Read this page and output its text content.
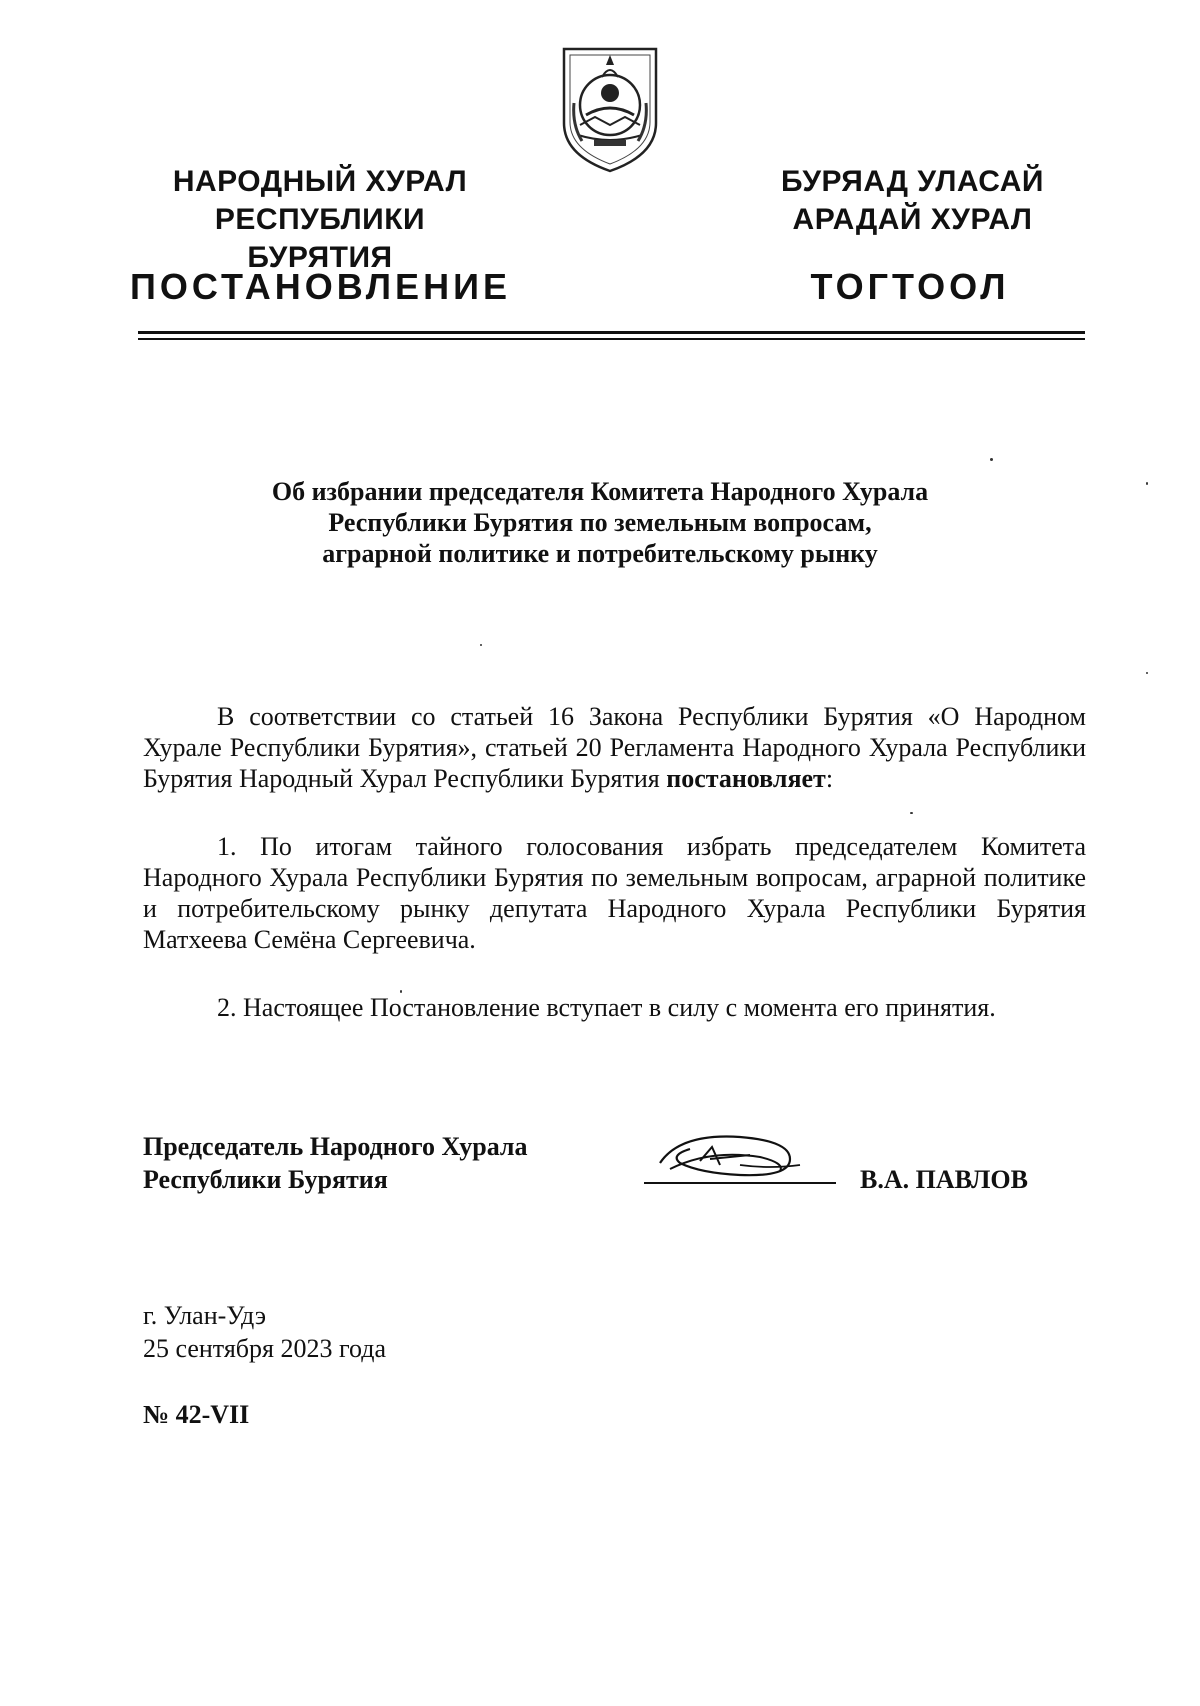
НАРОДНЫЙ ХУРАЛ
РЕСПУБЛИКИ БУРЯТИЯ
БУРЯАД УЛАСАЙ
АРАДАЙ ХУРАЛ
ПОСТАНОВЛЕНИЕ	ТОГТООЛ
Об избрании председателя Комитета Народного Хурала
Республики Бурятия по земельным вопросам,
аграрной политике и потребительскому рынку
В соответствии со статьей 16 Закона Республики Бурятия «О Народном Хурале Республики Бурятия», статьей 20 Регламента Народного Хурала Республики Бурятия Народный Хурал Республики Бурятия постановляет:
1. По итогам тайного голосования избрать председателем Комитета Народного Хурала Республики Бурятия по земельным вопросам, аграрной политике и потребительскому рынку депутата Народного Хурала Республики Бурятия Матхеева Семёна Сергеевича.
2. Настоящее Постановление вступает в силу с момента его принятия.
Председатель Народного Хурала
Республики Бурятия	В.А. ПАВЛОВ
г. Улан-Удэ
25 сентября 2023 года
№ 42-VII
